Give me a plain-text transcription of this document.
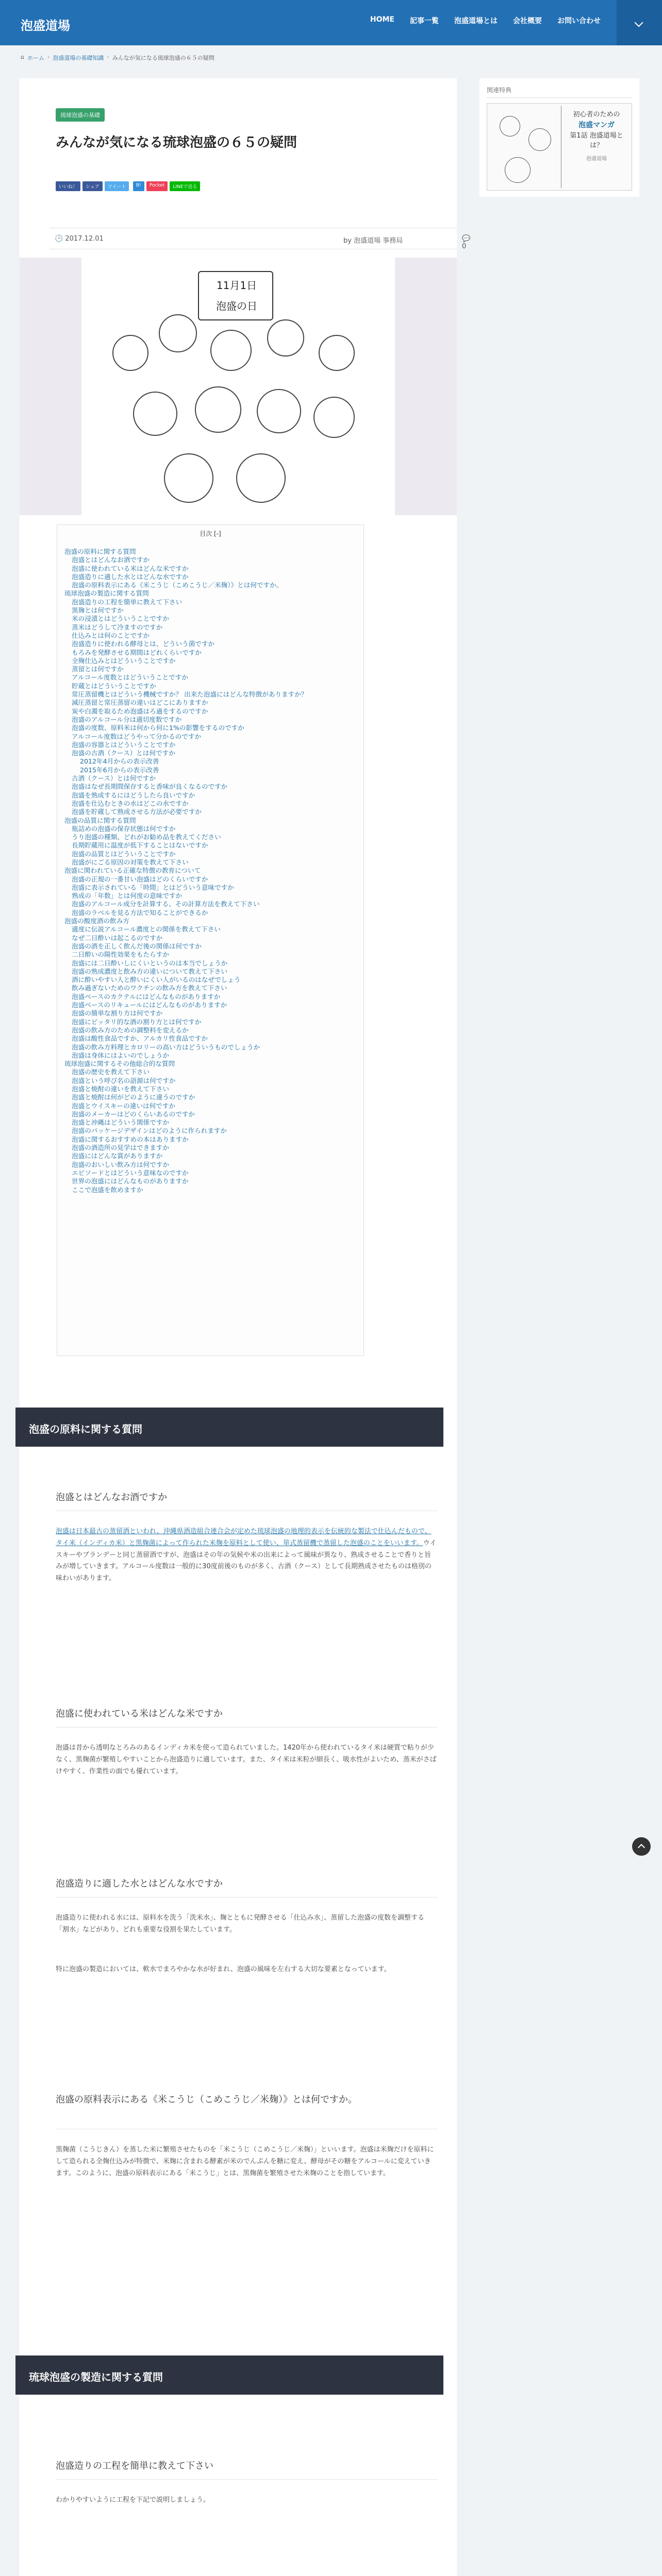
泡盛道場	HOME	記事一覧	泡盛道場とは	会社概要	お問い合わせ
⌂ ホーム › 泡盛道場の基礎知識 › みんなが気になる琉球泡盛の６５の疑問
琉球泡盛の基礎
みんなが気になる琉球泡盛の６５の疑問
いいね！	シェア	ツイート	B!	Pocket	LINEで送る
🕒 2017.12.01	by 泡盛道場 事務局	💬 0
11月1日
泡盛の日
目次 [-]
泡盛の原料に関する質問
泡盛とはどんなお酒ですか
泡盛に使われている米はどんな米ですか
泡盛造りに適した水とはどんな水ですか
泡盛の原料表示にある《米こうじ（こめこうじ／米麹）》とは何ですか。
琉球泡盛の製造に関する質問
泡盛造りの工程を簡単に教えて下さい
黒麹とは何ですか
米の浸漬とはどういうことですか
蒸米はどうして冷ますのですか
仕込みとは何のことですか
泡盛造りに使われる酵母とは、どういう菌ですか
もろみを発酵させる期間はどれくらいですか
全麹仕込みとはどういうことですか
蒸留とは何ですか
アルコール度数とはどういうことですか
貯蔵とはどういうことですか
常圧蒸留機とはどういう機械ですか？ 出来た泡盛にはどんな特徴がありますか？
減圧蒸留と常圧蒸留の違いはどこにありますか
炭や白濁を取るため泡盛はろ過をするのですか
泡盛のアルコール分は適切度数ですか
泡盛の度数、原料米は何から何に1%の影響をするのですか
アルコール度数はどうやって分かるのですか
泡盛の容器とはどういうことですか
泡盛の古酒（クース）とは何ですか
2012年4月からの表示改善
2015年6月からの表示改善
古酒（クース）とは何ですか
泡盛はなぜ長期間保存すると香味が良くなるのですか
泡盛を熟成するにはどうしたら良いですか
泡盛を仕込むときの水はどこの水ですか
泡盛を貯蔵して熟成させる方法が必要ですか
泡盛の品質に関する質問
瓶詰めの泡盛の保存状態は何ですか
うり泡盛の種類、どれがお勧め品を教えてください
長期貯蔵用に温度が低下することはないですか
泡盛の品質とはどういうことですか
泡盛がにごる原因の対策を教えて下さい
泡盛に関われている正確な特徴の教育について
泡盛の正規の一番甘い泡盛はどのくらいですか
泡盛に表示されている「時間」とはどういう意味ですか
熟成の「年数」とは何度の意味ですか
泡盛のアルコール成分を計算する、その計算方法を教えて下さい
泡盛のラベルを見る方法で知ることができるか
泡盛の酸度酒の飲み方
適度に伝説アルコール濃度との関係を教えて下さい
なぜ二日酔いは起こるのですか
泡盛の酒を正しく飲んだ後の関係は何ですか
二日酔いの陽性効果をもたらすか
泡盛には二日酔いしにくいというのは本当でしょうか
泡盛の熟成濃度と飲み方の違いについて教えて下さい
酒に酔いやすい人と酔いにくい人がいるのはなぜでしょう
飲み過ぎないためのワクチンの飲み方を教えて下さい
泡盛ベースのカクテルにはどんなものがありますか
泡盛ベースのリキュールにはどんなものがありますか
泡盛の簡単な割り方は何ですか
泡盛にピッタリ的な酒の割り方とは何ですか
泡盛の飲み方のための調整料を変えるか
泡盛は酸性食品ですか、アルカリ性食品ですか
泡盛の飲み方料理とカロリーの高い方はどういうものでしょうか
泡盛は身体にはよいのでしょうか
琉球泡盛に関するその他総合的な質問
泡盛の歴史を教えて下さい
泡盛という呼び名の語源は何ですか
泡盛と焼酎の違いを教えて下さい
泡盛と焼酎は何がどのように違うのですか
泡盛とウイスキーの違いは何ですか
泡盛のメーカーはどのくらいあるのですか
泡盛と沖縄はどういう関係ですか
泡盛のパッケージデザインはどのように作られますか
泡盛に関するおすすめの本はありますか
泡盛の酒造所の見学はできますか
泡盛にはどんな賞がありますか
泡盛のおいしい飲み方は何ですか
エピソードとはどういう意味なのですか
世界の泡盛にはどんなものがありますか
ここで泡盛を飲めますか
泡盛の原料に関する質問
泡盛とはどんなお酒ですか

泡盛は日本最古の蒸留酒といわれ、沖縄県酒造組合連合会が定めた琉球泡盛の地理的表示を伝統的な製法で仕込んだもので、タイ米（インディカ米）と黒麹菌によって作られた米麹を原料として使い、単式蒸留機で蒸留した泡盛のことをいいます。ウイスキーやブランデーと同じ蒸留酒ですが、泡盛はその年の気候や米の出来によって風味が異なり、熟成させることで香りと旨みが増していきます。アルコール度数は一般的に30度前後のものが多く、古酒（クース）として長期熟成させたものは格別の味わいがあります。

泡盛に使われている米はどんな米ですか

泡盛は昔から透明なとろみのあるインディカ米を使って造られていました。1420年から使われているタイ米は硬質で粘りが少なく、黒麹菌が繁殖しやすいことから泡盛造りに適しています。また、タイ米は米粒が細長く、吸水性がよいため、蒸米がさばけやすく、作業性の面でも優れています。

泡盛造りに適した水とはどんな水ですか

泡盛造りに使われる水には、原料水を洗う「洗米水」、麹とともに発酵させる「仕込み水」、蒸留した泡盛の度数を調整する「割水」などがあり、どれも重要な役割を果たしています。

特に泡盛の製造においては、軟水でまろやかな水が好まれ、泡盛の風味を左右する大切な要素となっています。

泡盛の原料表示にある《米こうじ（こめこうじ／米麹）》とは何ですか。

黒麹菌（こうじきん）を蒸した米に繁殖させたものを「米こうじ（こめこうじ／米麹）」といいます。泡盛は米麹だけを原料にして造られる全麹仕込みが特徴で、米麹に含まれる酵素が米のでんぷんを糖に変え、酵母がその糖をアルコールに変えていきます。このように、泡盛の原料表示にある「米こうじ」とは、黒麹菌を繁殖させた米麹のことを指しています。

琉球泡盛の製造に関する質問
泡盛造りの工程を簡単に教えて下さい

わかりやすいように工程を下記で説明しましょう。

関連特典
初心者のための
泡盛マンガ
第1話 泡盛道場とは？
泡盛道場
